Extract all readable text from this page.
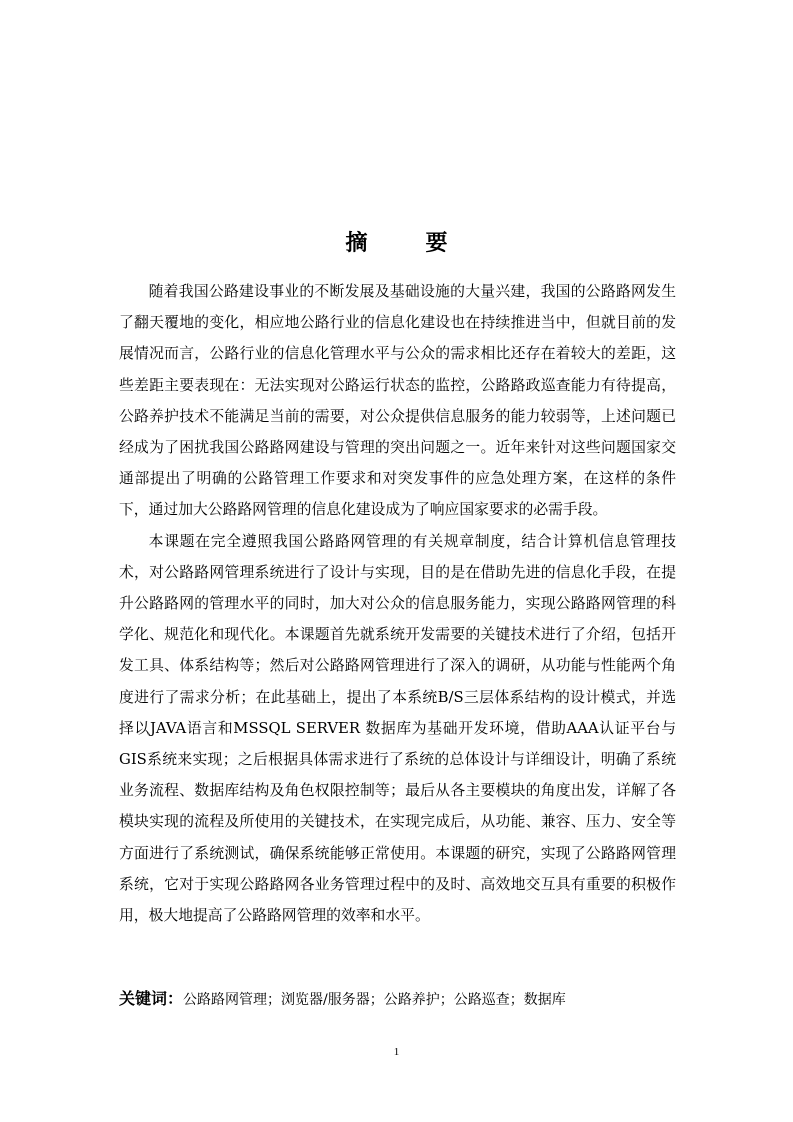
摘　要

随着我国公路建设事业的不断发展及基础设施的大量兴建，我国的公路路网发生了翻天覆地的变化，相应地公路行业的信息化建设也在持续推进当中，但就目前的发展情况而言，公路行业的信息化管理水平与公众的需求相比还存在着较大的差距，这些差距主要表现在：无法实现对公路运行状态的监控，公路路政巡查能力有待提高，公路养护技术不能满足当前的需要，对公众提供信息服务的能力较弱等，上述问题已经成为了困扰我国公路路网建设与管理的突出问题之一。近年来针对这些问题国家交通部提出了明确的公路管理工作要求和对突发事件的应急处理方案，在这样的条件下，通过加大公路路网管理的信息化建设成为了响应国家要求的必需手段。

本课题在完全遵照我国公路路网管理的有关规章制度，结合计算机信息管理技术，对公路路网管理系统进行了设计与实现，目的是在借助先进的信息化手段，在提升公路路网的管理水平的同时，加大对公众的信息服务能力，实现公路路网管理的科学化、规范化和现代化。本课题首先就系统开发需要的关键技术进行了介绍，包括开发工具、体系结构等；然后对公路路网管理进行了深入的调研，从功能与性能两个角度进行了需求分析；在此基础上，提出了本系统B/S三层体系结构的设计模式，并选择以JAVA语言和MSSQL SERVER 数据库为基础开发环境，借助AAA认证平台与GIS系统来实现；之后根据具体需求进行了系统的总体设计与详细设计，明确了系统业务流程、数据库结构及角色权限控制等；最后从各主要模块的角度出发，详解了各模块实现的流程及所使用的关键技术，在实现完成后，从功能、兼容、压力、安全等方面进行了系统测试，确保系统能够正常使用。本课题的研究，实现了公路路网管理系统，它对于实现公路路网各业务管理过程中的及时、高效地交互具有重要的积极作用，极大地提高了公路路网管理的效率和水平。

关键词：公路路网管理；浏览器/服务器；公路养护；公路巡查；数据库
1
